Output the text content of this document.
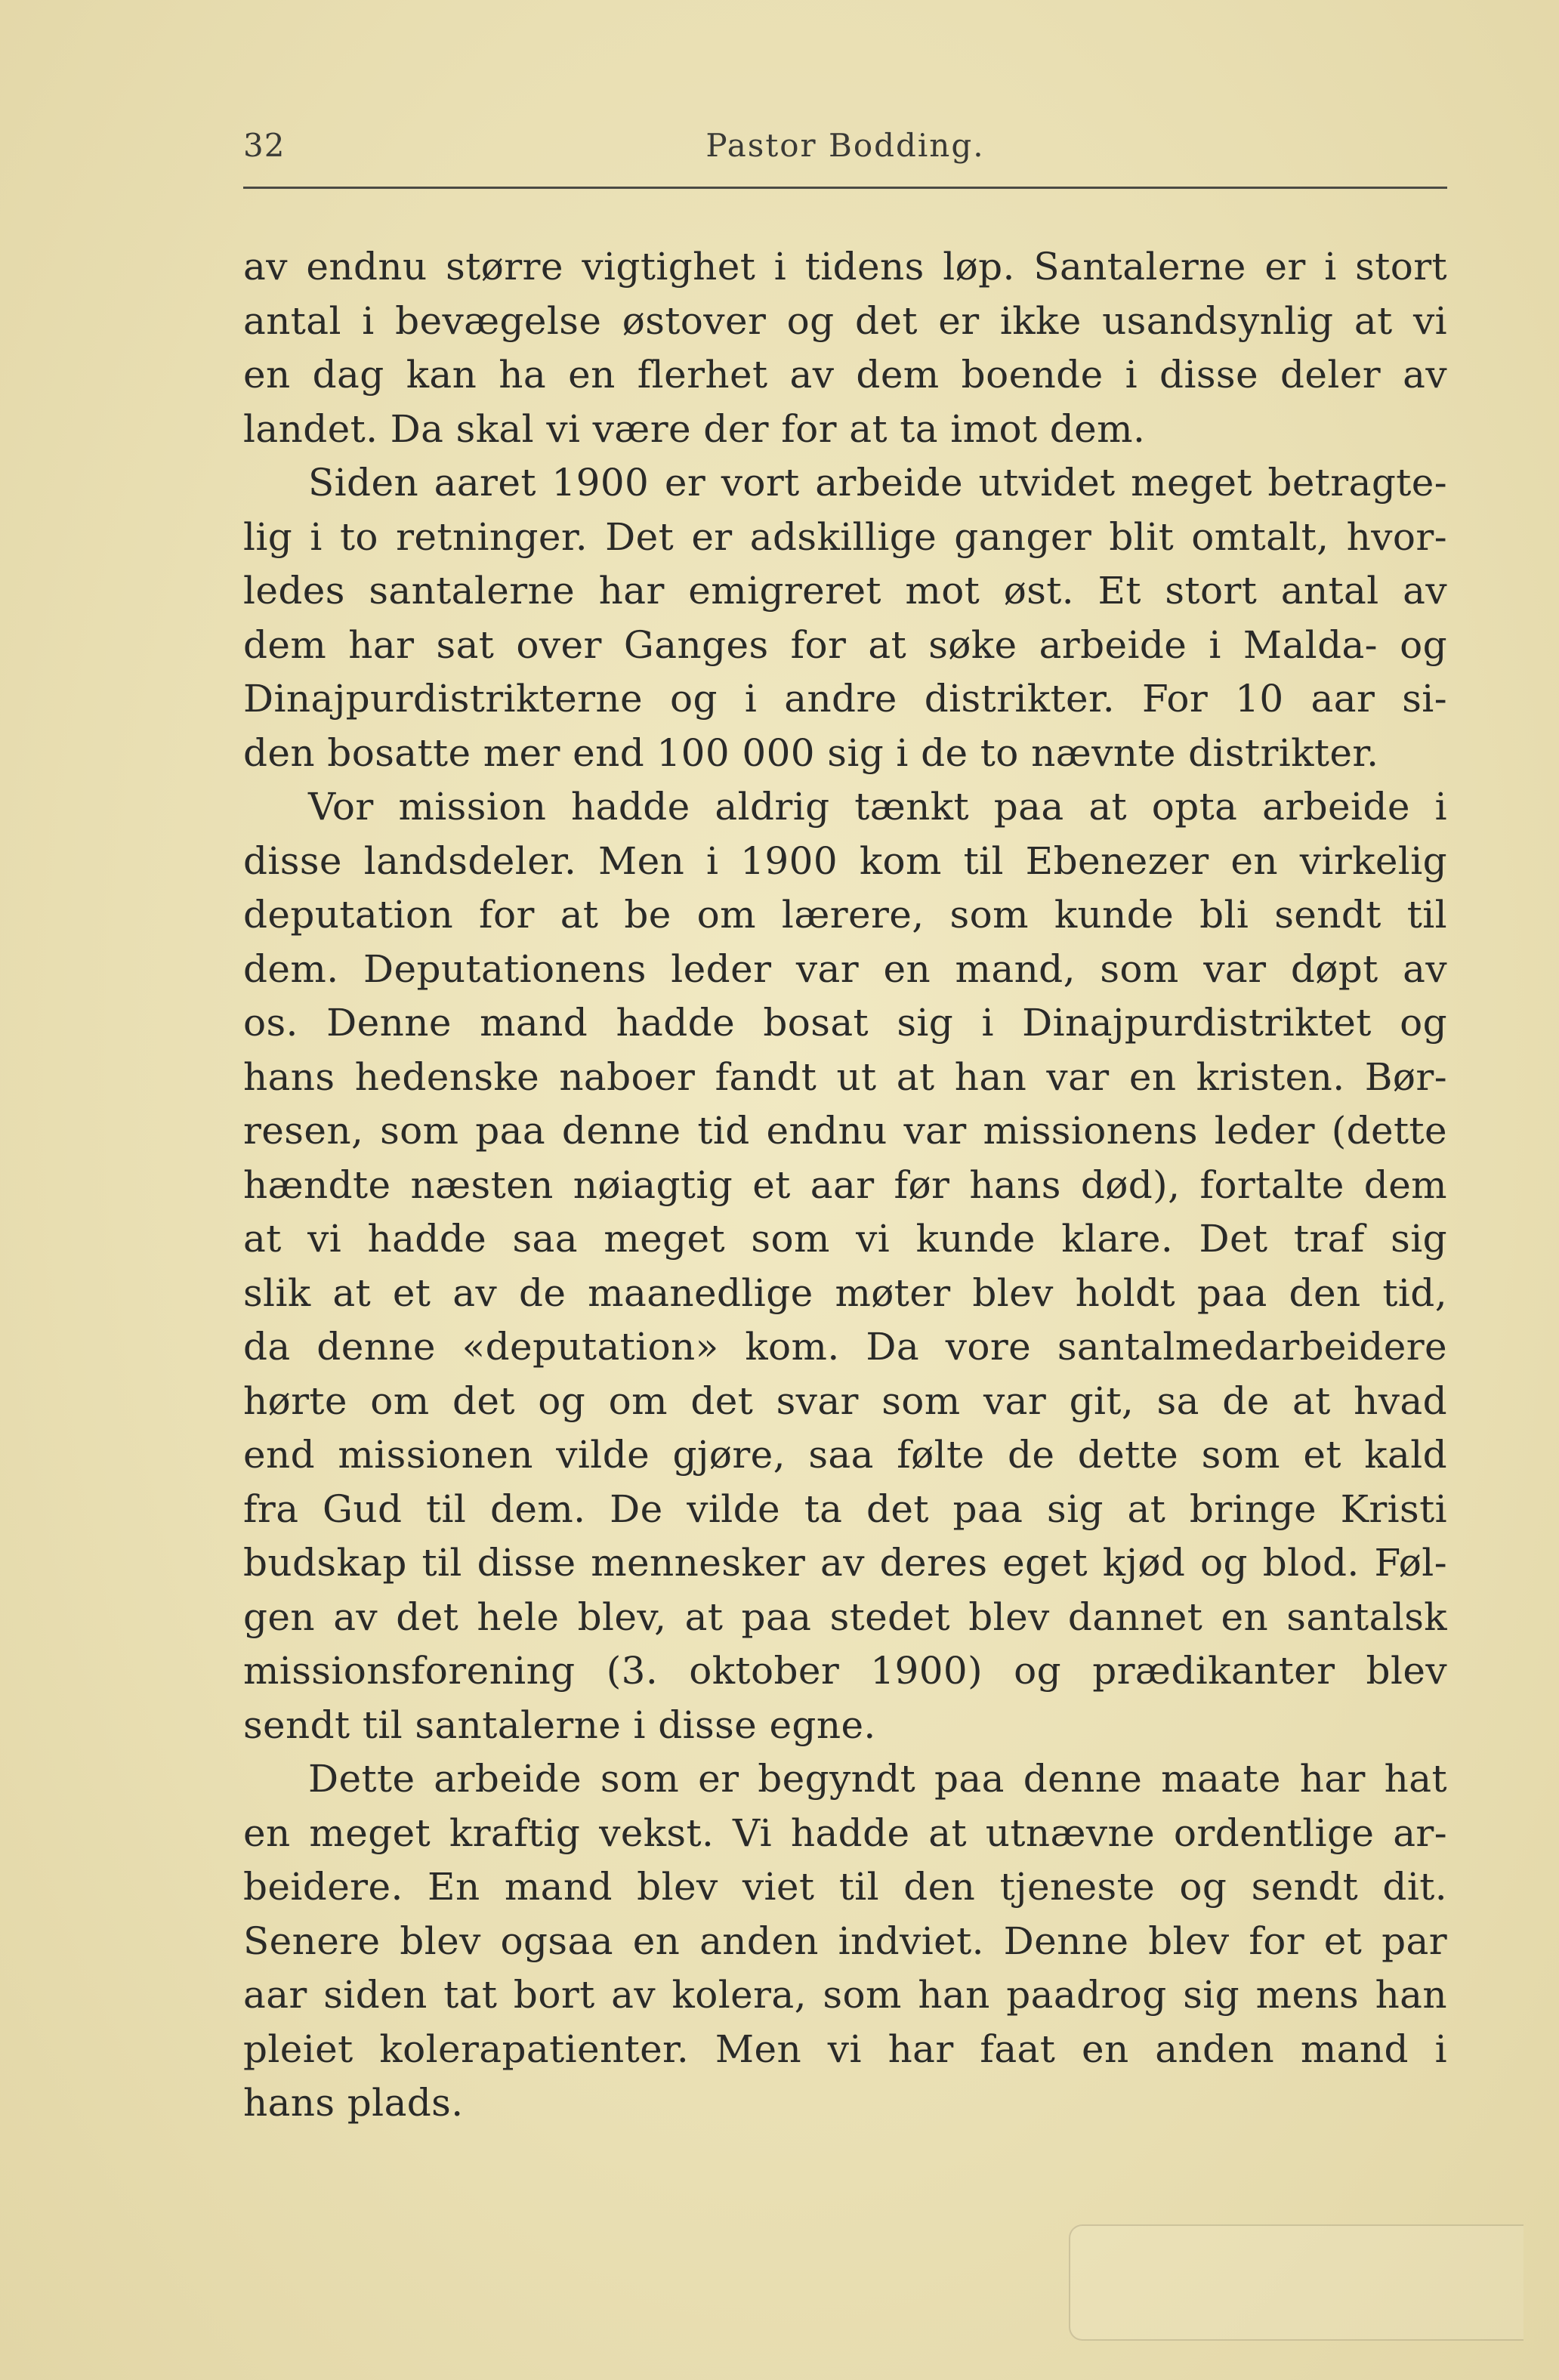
32	Pastor Bodding.
av endnu større vigtighet i tidens løp. Santalerne er i stort
antal i bevægelse østover og det er ikke usandsynlig at vi
en dag kan ha en flerhet av dem boende i disse deler av
landet. Da skal vi være der for at ta imot dem.
Siden aaret 1900 er vort arbeide utvidet meget betragte-
lig i to retninger. Det er adskillige ganger blit omtalt, hvor-
ledes santalerne har emigreret mot øst. Et stort antal av
dem har sat over Ganges for at søke arbeide i Malda- og
Dinajpurdistrikterne og i andre distrikter. For 10 aar si-
den bosatte mer end 100 000 sig i de to nævnte distrikter.
Vor mission hadde aldrig tænkt paa at opta arbeide i
disse landsdeler. Men i 1900 kom til Ebenezer en virkelig
deputation for at be om lærere, som kunde bli sendt til
dem. Deputationens leder var en mand, som var døpt av
os. Denne mand hadde bosat sig i Dinajpurdistriktet og
hans hedenske naboer fandt ut at han var en kristen. Bør-
resen, som paa denne tid endnu var missionens leder (dette
hændte næsten nøiagtig et aar før hans død), fortalte dem
at vi hadde saa meget som vi kunde klare. Det traf sig
slik at et av de maanedlige møter blev holdt paa den tid,
da denne «deputation» kom. Da vore santalmedarbeidere
hørte om det og om det svar som var git, sa de at hvad
end missionen vilde gjøre, saa følte de dette som et kald
fra Gud til dem. De vilde ta det paa sig at bringe Kristi
budskap til disse mennesker av deres eget kjød og blod. Føl-
gen av det hele blev, at paa stedet blev dannet en santalsk
missionsforening (3. oktober 1900) og prædikanter blev
sendt til santalerne i disse egne.
Dette arbeide som er begyndt paa denne maate har hat
en meget kraftig vekst. Vi hadde at utnævne ordentlige ar-
beidere. En mand blev viet til den tjeneste og sendt dit.
Senere blev ogsaa en anden indviet. Denne blev for et par
aar siden tat bort av kolera, som han paadrog sig mens han
pleiet kolerapatienter. Men vi har faat en anden mand i
hans plads.
